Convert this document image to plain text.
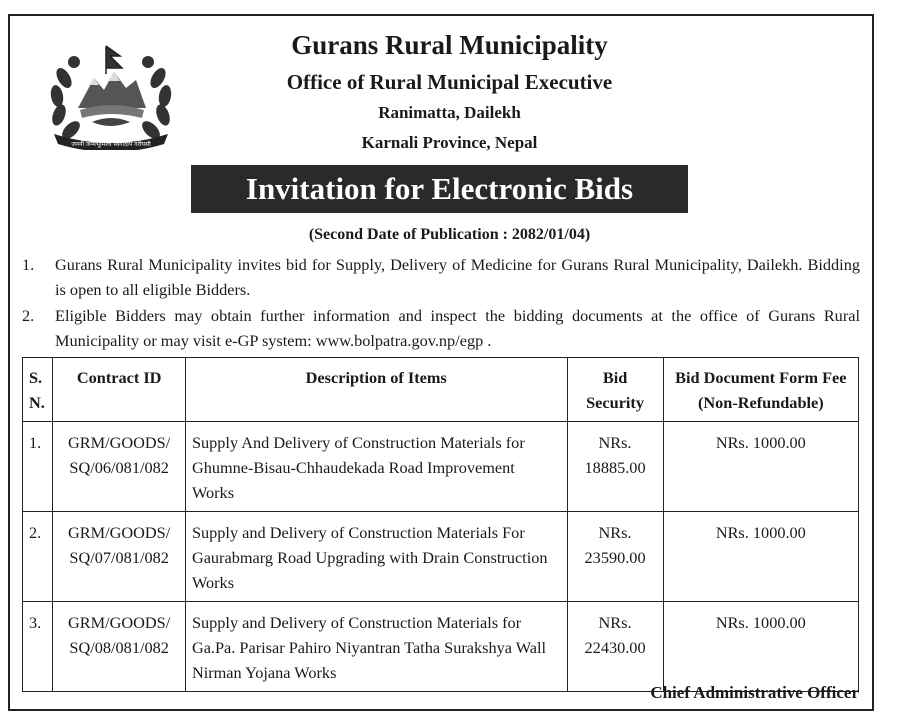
जननी जन्मभूमिश्च स्वर्गादपि गरीयसी
Gurans Rural Municipality
Office of Rural Municipal Executive
Ranimatta, Dailekh
Karnali Province, Nepal
Invitation for Electronic Bids
(Second Date of Publication : 2082/01/04)
1. Gurans Rural Municipality invites bid for Supply, Delivery of Medicine for Gurans Rural Municipality, Dailekh. Bidding is open to all eligible Bidders.
2. Eligible Bidders may obtain further information and inspect the bidding documents at the office of Gurans Rural Municipality or may visit e-GP system: www.bolpatra.gov.np/egp .
S. N.	Contract ID	Description of Items	Bid Security	Bid Document Form Fee (Non-Refundable)
1.	GRM/GOODS/ SQ/06/081/082	Supply And Delivery of Construction Materials for Ghumne-Bisau-Chhaudekada Road Improvement Works	NRs. 18885.00	NRs. 1000.00
2.	GRM/GOODS/ SQ/07/081/082	Supply and Delivery of Construction Materials For Gaurabmarg Road Upgrading with Drain Construction Works	NRs. 23590.00	NRs. 1000.00
3.	GRM/GOODS/ SQ/08/081/082	Supply and Delivery of Construction Materials for Ga.Pa. Parisar Pahiro Niyantran Tatha Surakshya Wall Nirman Yojana Works	NRs. 22430.00	NRs. 1000.00
Chief Administrative Officer
